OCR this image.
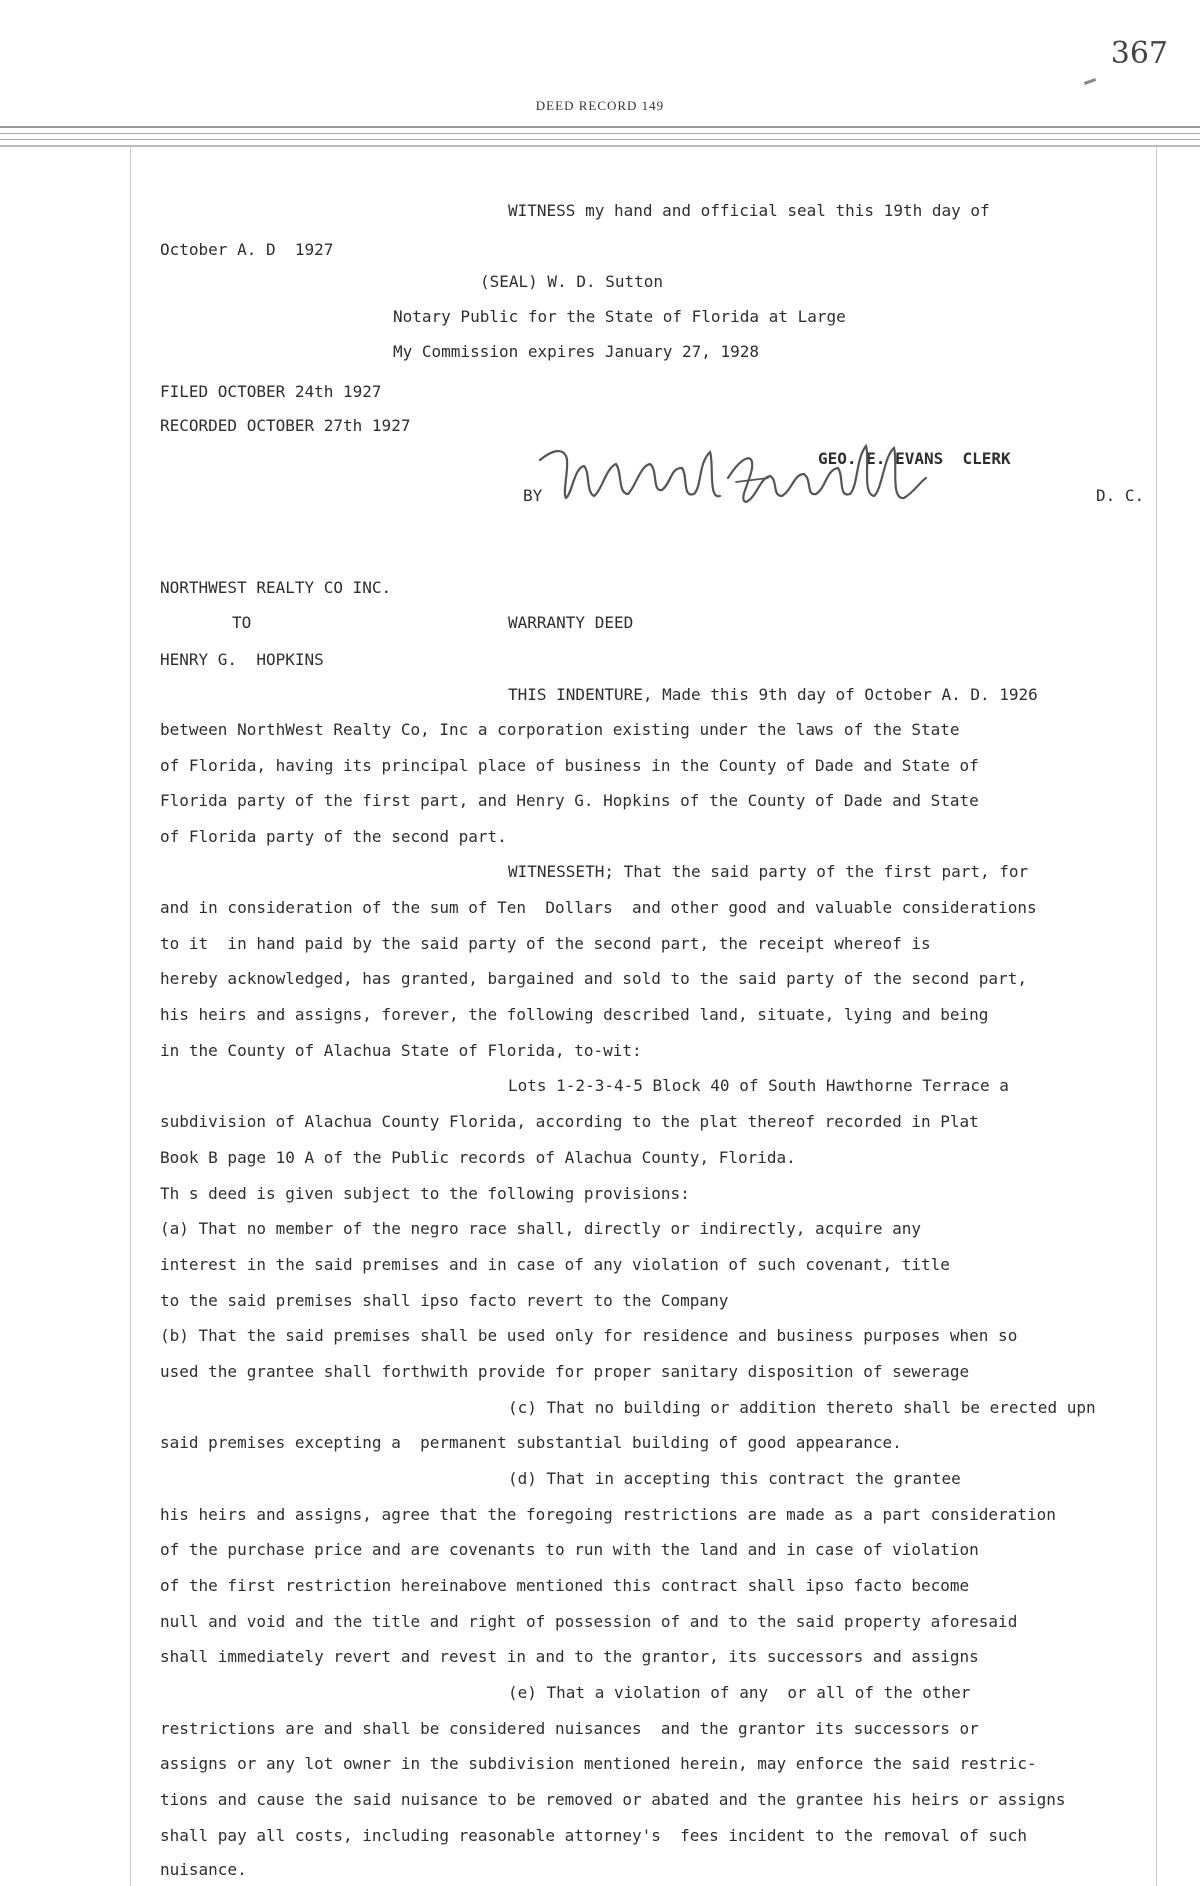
367
DEED RECORD 149

WITNESS my hand and official seal this 19th day of

October A. D  1927

(SEAL) W. D. Sutton

Notary Public for the State of Florida at Large

My Commission expires January 27, 1928

FILED OCTOBER 24th 1927

RECORDED OCTOBER 27th 1927

GEO. E. EVANS  CLERK

BY	D. C.

NORTHWEST REALTY CO INC.

TO	WARRANTY DEED

HENRY G.  HOPKINS

THIS INDENTURE, Made this 9th day of October A. D. 1926

between NorthWest Realty Co, Inc a corporation existing under the laws of the State

of Florida, having its principal place of business in the County of Dade and State of

Florida party of the first part, and Henry G. Hopkins of the County of Dade and State

of Florida party of the second part.

WITNESSETH; That the said party of the first part, for

and in consideration of the sum of Ten  Dollars  and other good and valuable considerations

to it  in hand paid by the said party of the second part, the receipt whereof is

hereby acknowledged, has granted, bargained and sold to the said party of the second part,

his heirs and assigns, forever, the following described land, situate, lying and being

in the County of Alachua State of Florida, to-wit:

Lots 1-2-3-4-5 Block 40 of South Hawthorne Terrace a

subdivision of Alachua County Florida, according to the plat thereof recorded in Plat

Book B page 10 A of the Public records of Alachua County, Florida.

Th s deed is given subject to the following provisions:

(a) That no member of the negro race shall, directly or indirectly, acquire any

interest in the said premises and in case of any violation of such covenant, title

to the said premises shall ipso facto revert to the Company

(b) That the said premises shall be used only for residence and business purposes when so

used the grantee shall forthwith provide for proper sanitary disposition of sewerage

(c) That no building or addition thereto shall be erected upn

said premises excepting a  permanent substantial building of good appearance.

(d) That in accepting this contract the grantee

his heirs and assigns, agree that the foregoing restrictions are made as a part consideration

of the purchase price and are covenants to run with the land and in case of violation

of the first restriction hereinabove mentioned this contract shall ipso facto become

null and void and the title and right of possession of and to the said property aforesaid

shall immediately revert and revest in and to the grantor, its successors and assigns

(e) That a violation of any  or all of the other

restrictions are and shall be considered nuisances  and the grantor its successors or

assigns or any lot owner in the subdivision mentioned herein, may enforce the said restric-

tions and cause the said nuisance to be removed or abated and the grantee his heirs or assigns

shall pay all costs, including reasonable attorney's  fees incident to the removal of such

nuisance.
